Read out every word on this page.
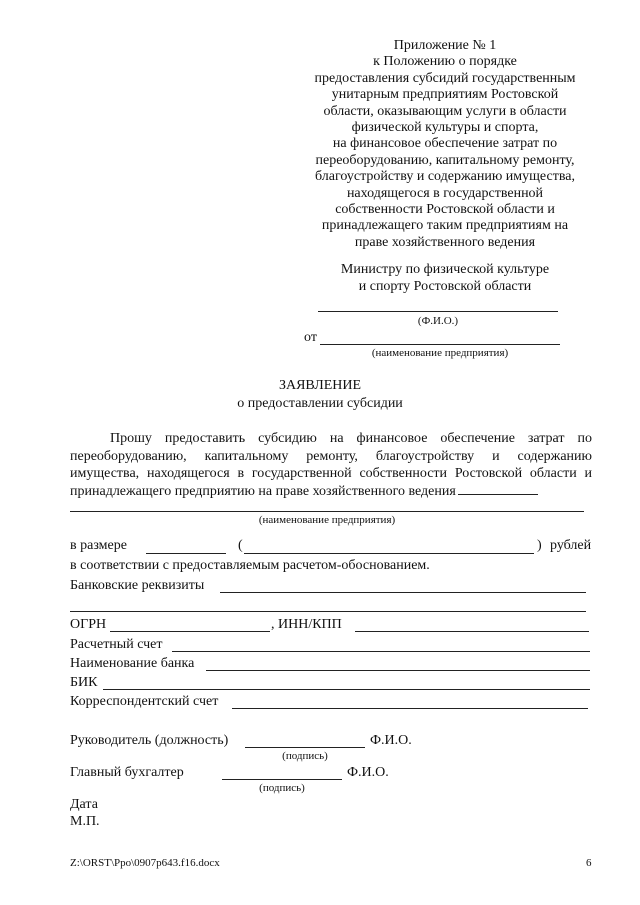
Приложение № 1
к Положению о порядке
предоставления субсидий государственным
унитарным предприятиям Ростовской
области, оказывающим услуги в области
физической культуры и спорта,
на финансовое обеспечение затрат по
переоборудованию, капитальному ремонту,
благоустройству и содержанию имущества,
находящегося в государственной
собственности Ростовской области и
принадлежащего таким предприятиям на
праве хозяйственного ведения
Министру по физической культуре
и спорту Ростовской области
(Ф.И.О.)
от
(наименование предприятия)
ЗАЯВЛЕНИЕ
о предоставлении субсидии
Прошу предоставить субсидию на финансовое обеспечение затрат по переоборудованию, капитальному ремонту, благоустройству и содержанию имущества, находящегося в государственной собственности Ростовской области и принадлежащего предприятию на праве хозяйственного ведения
(наименование предприятия)
в размере	(	) рублей
в соответствии с предоставляемым расчетом-обоснованием.
Банковские реквизиты
ОГРН	, ИНН/КПП
Расчетный счет
Наименование банка
БИК
Корреспондентский счет
Руководитель (должность)	Ф.И.О.
(подпись)
Главный бухгалтер	Ф.И.О.
(подпись)
Дата
М.П.
Z:\ORST\Ppo\0907p643.f16.docx	6
